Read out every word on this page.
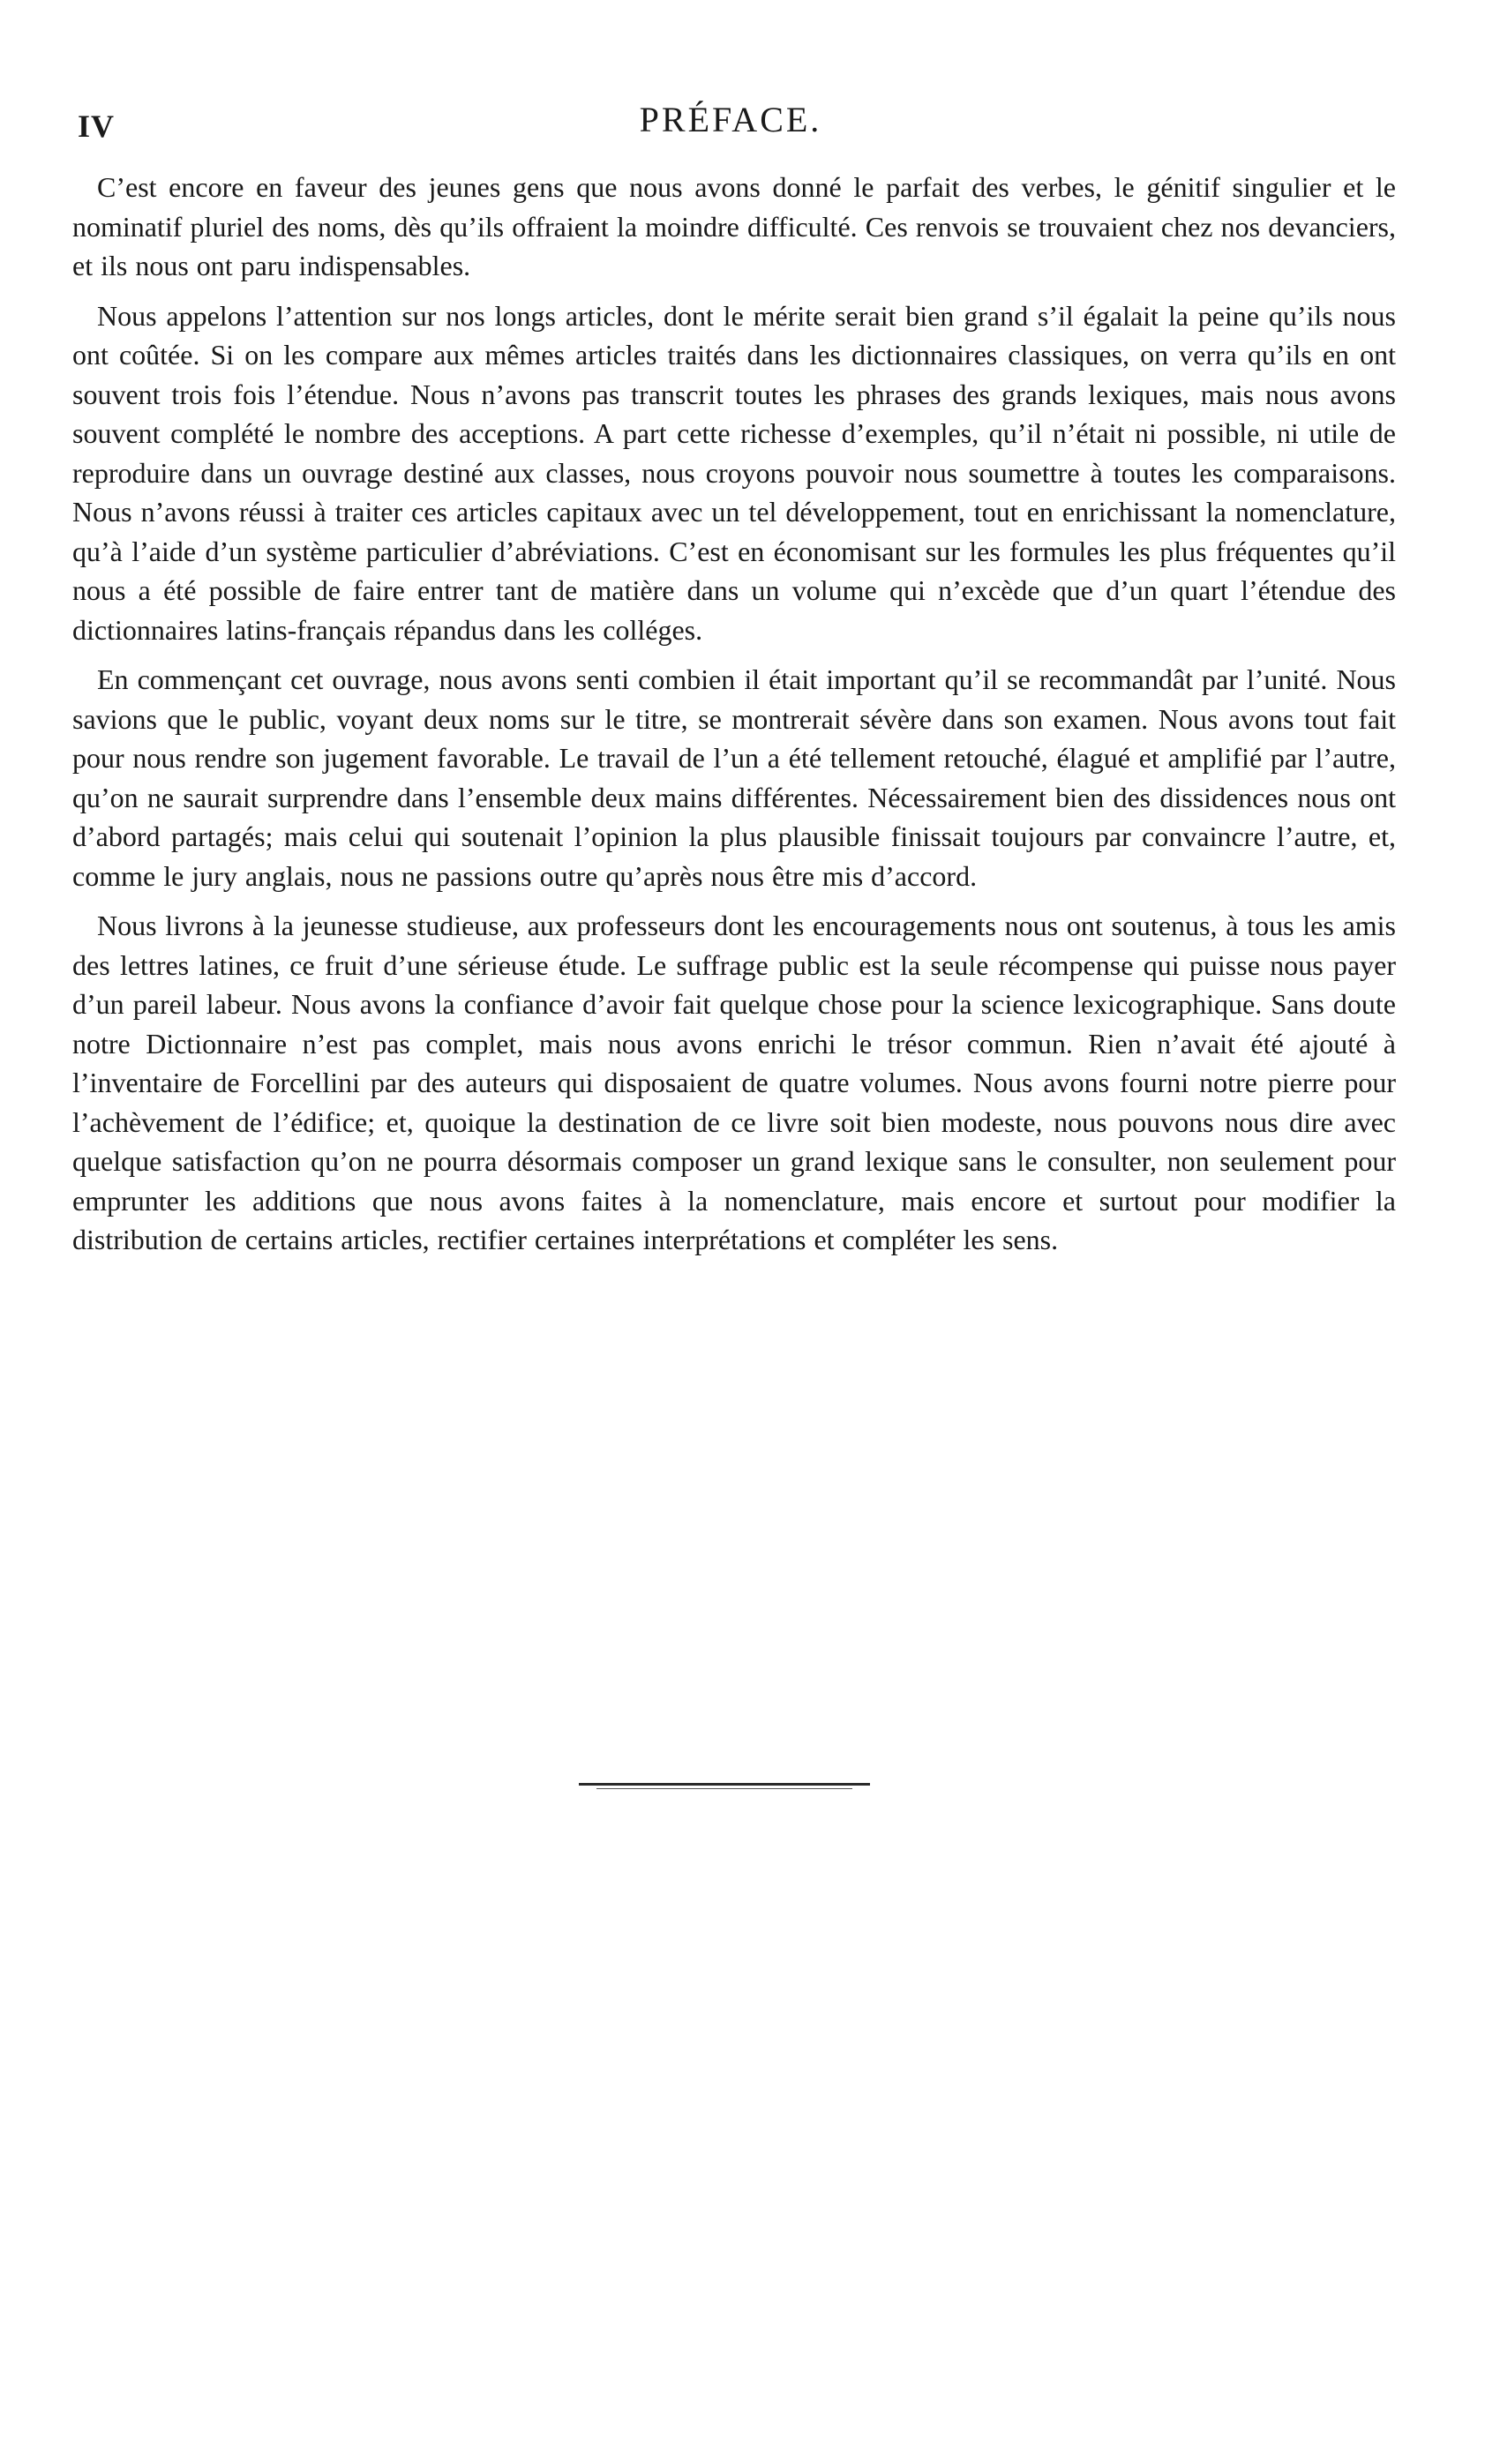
IV	PRÉFACE.

C’est encore en faveur des jeunes gens que nous avons donné le parfait des verbes, le génitif singulier et le nominatif pluriel des noms, dès qu’ils offraient la moindre difficulté. Ces renvois se trouvaient chez nos devanciers, et ils nous ont paru indispensables.

Nous appelons l’attention sur nos longs articles, dont le mérite serait bien grand s’il égalait la peine qu’ils nous ont coûtée. Si on les compare aux mêmes articles traités dans les dictionnaires classiques, on verra qu’ils en ont souvent trois fois l’étendue. Nous n’avons pas transcrit toutes les phrases des grands lexiques, mais nous avons souvent complété le nombre des acceptions. A part cette richesse d’exemples, qu’il n’était ni possible, ni utile de reproduire dans un ouvrage destiné aux classes, nous croyons pouvoir nous soumettre à toutes les comparaisons. Nous n’avons réussi à traiter ces articles capitaux avec un tel développement, tout en enrichissant la nomenclature, qu’à l’aide d’un système particulier d’abréviations. C’est en économisant sur les formules les plus fréquentes qu’il nous a été possible de faire entrer tant de matière dans un volume qui n’excède que d’un quart l’étendue des dictionnaires latins-français répandus dans les colléges.

En commençant cet ouvrage, nous avons senti combien il était important qu’il se recommandât par l’unité. Nous savions que le public, voyant deux noms sur le titre, se montrerait sévère dans son examen. Nous avons tout fait pour nous rendre son jugement favorable. Le travail de l’un a été tellement retouché, élagué et amplifié par l’autre, qu’on ne saurait surprendre dans l’ensemble deux mains différentes. Nécessairement bien des dissidences nous ont d’abord partagés; mais celui qui soutenait l’opinion la plus plausible finissait toujours par convaincre l’autre, et, comme le jury anglais, nous ne passions outre qu’après nous être mis d’accord.

Nous livrons à la jeunesse studieuse, aux professeurs dont les encouragements nous ont soutenus, à tous les amis des lettres latines, ce fruit d’une sérieuse étude. Le suffrage public est la seule récompense qui puisse nous payer d’un pareil labeur. Nous avons la confiance d’avoir fait quelque chose pour la science lexicographique. Sans doute notre Dictionnaire n’est pas complet, mais nous avons enrichi le trésor commun. Rien n’avait été ajouté à l’inventaire de Forcellini par des auteurs qui disposaient de quatre volumes. Nous avons fourni notre pierre pour l’achèvement de l’édifice; et, quoique la destination de ce livre soit bien modeste, nous pouvons nous dire avec quelque satisfaction qu’on ne pourra désormais composer un grand lexique sans le consulter, non seulement pour emprunter les additions que nous avons faites à la nomenclature, mais encore et surtout pour modifier la distribution de certains articles, rectifier certaines interprétations et compléter les sens.
